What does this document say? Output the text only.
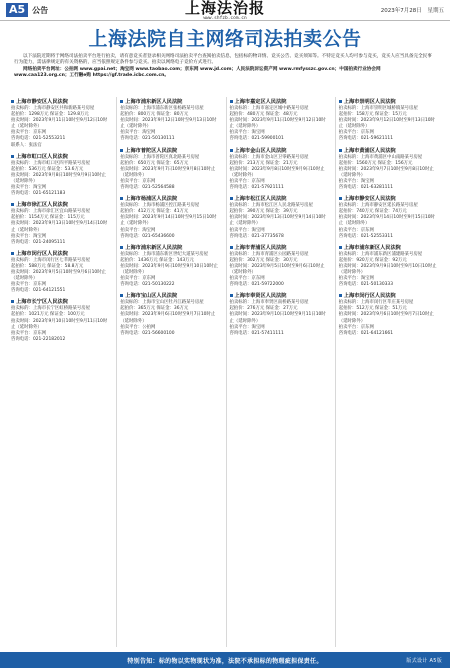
A5 公告	上海法治报
www.shfzb.com.cn
2023年7月28日 星期五
上海法院自主网络司法拍卖公告

以下法院近期将于网络司法拍卖平台进行拍卖，请有意竞买者登录相关网络司法拍卖平台查阅拍卖信息，包括标的物详情、竞买公告、竞买须知等。不特定竞买人均可参与竞买，竞买人应当具备完全民事行为能力，需法律规定的有关资格的，应当依照规定条件参与竞买。拍卖以网络电子竞价方式进行。

网络拍卖平台网址：公拍网 www.gpai.net；淘宝网 www.taobao.com；京东网 www.jd.com；人民法院诉讼资产网 www.rmfysszc.gov.cn；中国拍卖行业协会网 www.caa123.org.cn；工行融e购 https://gf.trade.icbc.com.cn。

上海市静安区人民法院
拍卖标的：上海市静安区共和新路某号房屋
起拍价：1298万元 保证金：129.8万元
拍卖时间：2023年9月11日10时至9月12日10时止（延时除外）
拍卖平台：京东网
咨询电话：021-52553211
联系人：张法官
上海市虹口区人民法院
拍卖标的：上海市虹口区四平路某号房屋
起拍价：536万元 保证金：53.6万元
拍卖时间：2023年9月8日10时至9月9日10时止（延时除外）
拍卖平台：淘宝网
咨询电话：021-65121183
上海市徐汇区人民法院
拍卖标的：上海市徐汇区宜山路某号房屋
起拍价：1154万元 保证金：115万元
拍卖时间：2023年9月13日10时至9月14日10时止（延时除外）
拍卖平台：淘宝网
咨询电话：021-24095111
上海市闵行区人民法院
拍卖标的：上海市闵行区七莘路某号房屋
起拍价：588万元 保证金：58.8万元
拍卖时间：2023年9月5日10时至9月6日10时止（延时除外）
拍卖平台：京东网
咨询电话：021-64121551
上海市长宁区人民法院
拍卖标的：上海市长宁区虹桥路某号房屋
起拍价：1021万元 保证金：100万元
拍卖时间：2023年9月10日10时至9月11日10时止（延时除外）
拍卖平台：京东网
咨询电话：021-22182012
上海市浦东新区人民法院
拍卖标的：上海市浦东新区张杨路某号房屋
起拍价：800万元 保证金：80万元
拍卖时间：2023年9月12日10时至9月13日10时止（延时除外）
拍卖平台：淘宝网
咨询电话：021-50130111
上海市普陀区人民法院
拍卖标的：上海市普陀区真北路某号房屋
起拍价：650万元 保证金：65万元
拍卖时间：2023年9月7日10时至9月8日10时止（延时除外）
拍卖平台：京东网
咨询电话：021-52564588
上海市杨浦区人民法院
拍卖标的：上海市杨浦区控江路某号房屋
起拍价：412万元 保证金：41万元
拍卖时间：2023年9月14日10时至9月15日10时止（延时除外）
拍卖平台：淘宝网
咨询电话：021-65436600
上海市浦东新区人民法院
拍卖标的：上海市浦东新区世纪大道某号房屋
起拍价：1436万元 保证金：143万元
拍卖时间：2023年9月9日10时至9月10日10时止（延时除外）
拍卖平台：京东网
咨询电话：021-50130222
上海市宝山区人民法院
拍卖标的：上海市宝山区牡丹江路某号房屋
起拍价：365万元 保证金：36万元
拍卖时间：2023年9月6日10时至9月7日10时止（延时除外）
拍卖平台：公拍网
咨询电话：021-56600100
上海市嘉定区人民法院
拍卖标的：上海市嘉定区城中路某号房屋
起拍价：480万元 保证金：48万元
拍卖时间：2023年9月11日10时至9月12日10时止（延时除外）
拍卖平台：淘宝网
咨询电话：021-59900101
上海市金山区人民法院
拍卖标的：上海市金山区卫零路某号房屋
起拍价：213万元 保证金：21万元
拍卖时间：2023年9月8日10时至9月9日10时止（延时除外）
拍卖平台：京东网
咨询电话：021-57921111
上海市松江区人民法院
拍卖标的：上海市松江区人民北路某号房屋
起拍价：390万元 保证金：39万元
拍卖时间：2023年9月13日10时至9月14日10时止（延时除外）
拍卖平台：淘宝网
咨询电话：021-37735678
上海市青浦区人民法院
拍卖标的：上海市青浦区公园路某号房屋
起拍价：302万元 保证金：30万元
拍卖时间：2023年9月5日10时至9月6日10时止（延时除外）
拍卖平台：京东网
咨询电话：021-59722000
上海市奉贤区人民法院
拍卖标的：上海市奉贤区南桥路某号房屋
起拍价：276万元 保证金：27万元
拍卖时间：2023年9月10日10时至9月11日10时止（延时除外）
拍卖平台：淘宝网
咨询电话：021-57411111
上海市崇明区人民法院
拍卖标的：上海市崇明区城桥镇某号房屋
起拍价：158万元 保证金：15万元
拍卖时间：2023年9月12日10时至9月13日10时止（延时除外）
拍卖平台：京东网
咨询电话：021-59621111
上海市黄浦区人民法院
拍卖标的：上海市黄浦区中山南路某号房屋
起拍价：1560万元 保证金：156万元
拍卖时间：2023年9月7日10时至9月8日10时止（延时除外）
拍卖平台：淘宝网
咨询电话：021-63281111
上海市静安区人民法院
拍卖标的：上海市静安区延长路某号房屋
起拍价：740万元 保证金：74万元
拍卖时间：2023年9月14日10时至9月15日10时止（延时除外）
拍卖平台：京东网
咨询电话：021-52553311
上海市浦东新区人民法院
拍卖标的：上海市浦东新区浦建路某号房屋
起拍价：920万元 保证金：92万元
拍卖时间：2023年9月9日10时至9月10日10时止（延时除外）
拍卖平台：淘宝网
咨询电话：021-50130333
上海市闵行区人民法院
拍卖标的：上海市闵行区莘庄某号房屋
起拍价：512万元 保证金：51万元
拍卖时间：2023年9月6日10时至9月7日10时止（延时除外）
拍卖平台：京东网
咨询电话：021-64121661
特别告知：标的物以实物现状为准，法院不承担标的物瑕疵担保责任。	版式设计 A5版
